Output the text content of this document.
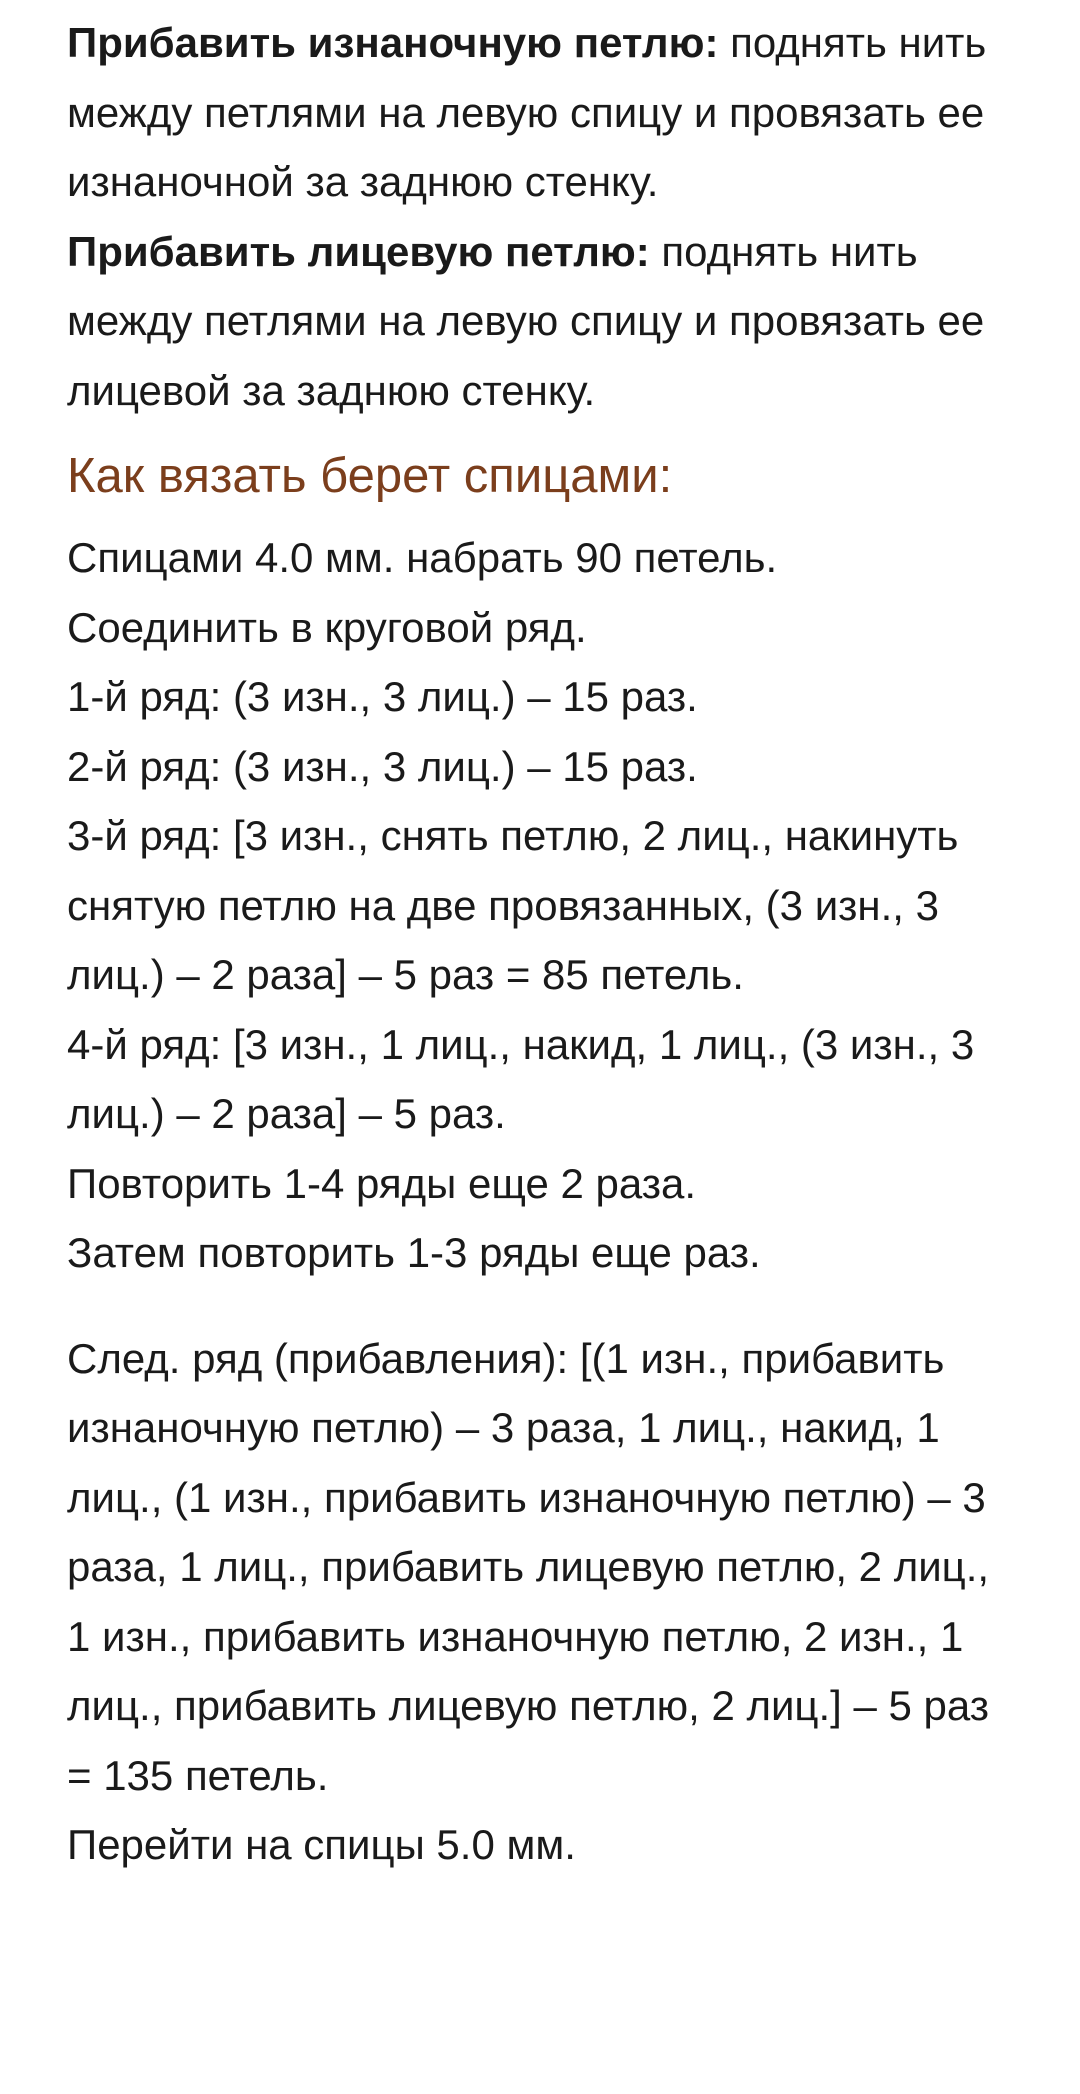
Прибавить изнаночную петлю: поднять нить между петлями на левую спицу и провязать ее изнаночной за заднюю стенку.

Прибавить лицевую петлю: поднять нить между петлями на левую спицу и провязать ее лицевой за заднюю стенку.

Как вязать берет спицами:

Спицами 4.0 мм. набрать 90 петель.

Соединить в круговой ряд.

1-й ряд: (3 изн., 3 лиц.) – 15 раз.

2-й ряд: (3 изн., 3 лиц.) – 15 раз.

3-й ряд: [3 изн., снять петлю, 2 лиц., накинуть снятую петлю на две провязанных, (3 изн., 3 лиц.) – 2 раза] – 5 раз = 85 петель.

4-й ряд: [3 изн., 1 лиц., накид, 1 лиц., (3 изн., 3 лиц.) – 2 раза] – 5 раз.

Повторить 1-4 ряды еще 2 раза.

Затем повторить 1-3 ряды еще раз.

След. ряд (прибавления): [(1 изн., прибавить изнаночную петлю) – 3 раза, 1 лиц., накид, 1 лиц., (1 изн., прибавить изнаночную петлю) – 3 раза, 1 лиц., прибавить лицевую петлю, 2 лиц., 1 изн., прибавить изнаночную петлю, 2 изн., 1 лиц., прибавить лицевую петлю, 2 лиц.] – 5 раз = 135 петель.

Перейти на спицы 5.0 мм.
